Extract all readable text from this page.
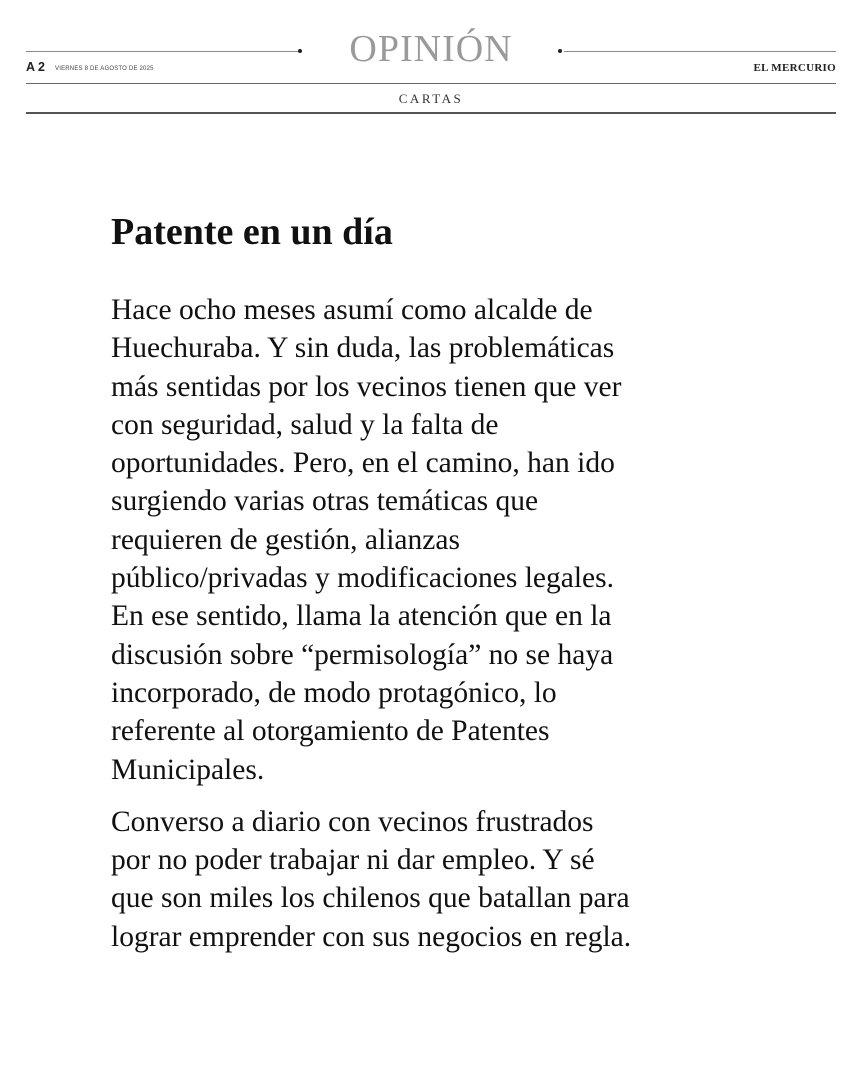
OPINIÓN
A 2 VIERNES 8 DE AGOSTO DE 2025	EL MERCURIO
CARTAS
Patente en un día

Hace ocho meses asumí como alcalde de
Huechuraba. Y sin duda, las problemáticas
más sentidas por los vecinos tienen que ver
con seguridad, salud y la falta de
oportunidades. Pero, en el camino, han ido
surgiendo varias otras temáticas que
requieren de gestión, alianzas
público/privadas y modificaciones legales.
En ese sentido, llama la atención que en la
discusión sobre “permisología” no se haya
incorporado, de modo protagónico, lo
referente al otorgamiento de Patentes
Municipales.

Converso a diario con vecinos frustrados
por no poder trabajar ni dar empleo. Y sé
que son miles los chilenos que batallan para
lograr emprender con sus negocios en regla.
